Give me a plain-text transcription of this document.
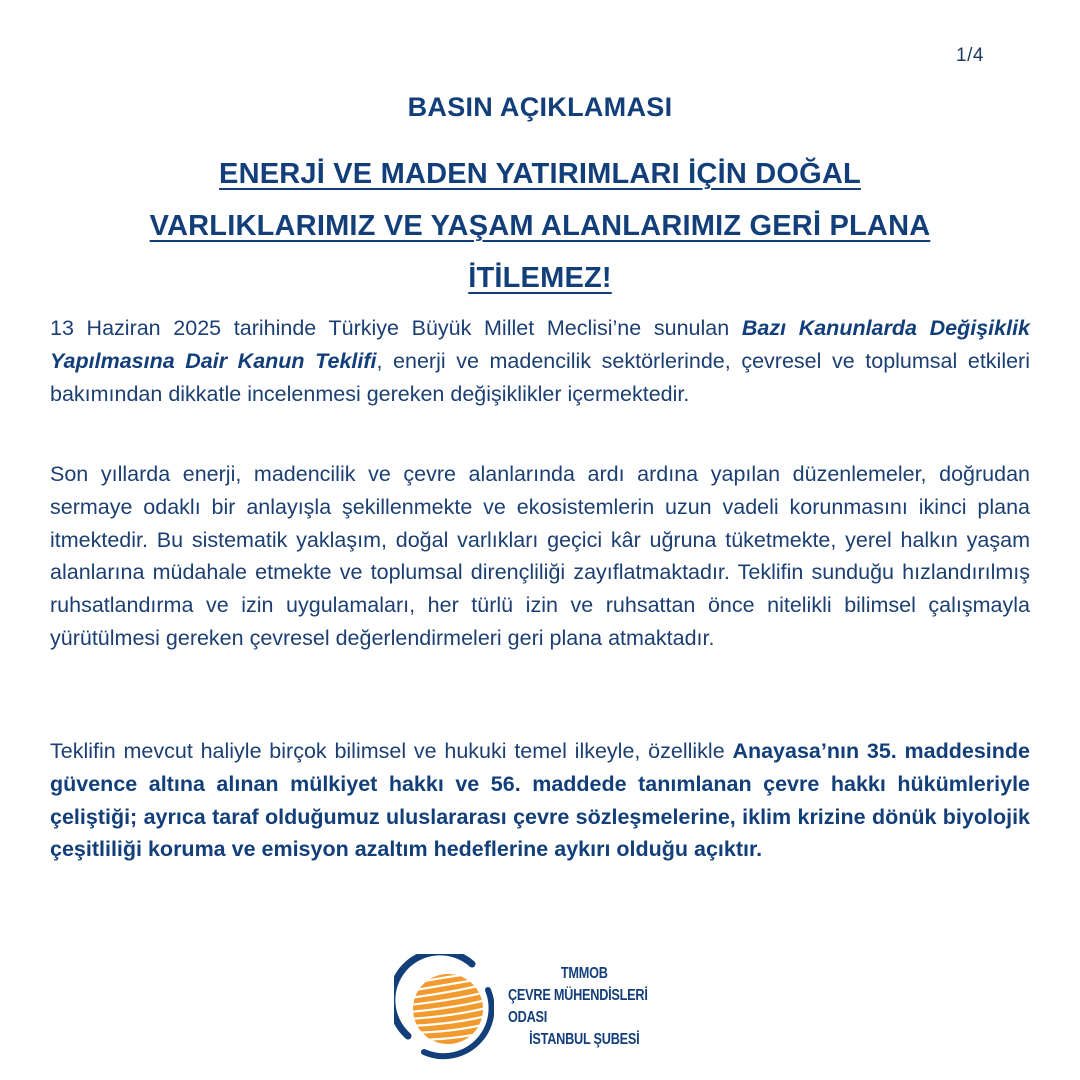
1/4
BASIN AÇIKLAMASI
ENERJİ VE MADEN YATIRIMLARI İÇİN DOĞAL VARLIKLARIMIZ VE YAŞAM ALANLARIMIZ GERİ PLANA İTİLEMEZ!

13 Haziran 2025 tarihinde Türkiye Büyük Millet Meclisi’ne sunulan Bazı Kanunlarda Değişiklik Yapılmasına Dair Kanun Teklifi, enerji ve madencilik sektörlerinde, çevresel ve toplumsal etkileri bakımından dikkatle incelenmesi gereken değişiklikler içermektedir.

Son yıllarda enerji, madencilik ve çevre alanlarında ardı ardına yapılan düzenlemeler, doğrudan sermaye odaklı bir anlayışla şekillenmekte ve ekosistemlerin uzun vadeli korunmasını ikinci plana itmektedir. Bu sistematik yaklaşım, doğal varlıkları geçici kâr uğruna tüketmekte, yerel halkın yaşam alanlarına müdahale etmekte ve toplumsal dirençliliği zayıflatmaktadır. Teklifin sunduğu hızlandırılmış ruhsatlandırma ve izin uygulamaları, her türlü izin ve ruhsattan önce nitelikli bilimsel çalışmayla yürütülmesi gereken çevresel değerlendirmeleri geri plana atmaktadır.

Teklifin mevcut haliyle birçok bilimsel ve hukuki temel ilkeyle, özellikle Anayasa’nın 35. maddesinde güvence altına alınan mülkiyet hakkı ve 56. maddede tanımlanan çevre hakkı hükümleriyle çeliştiği; ayrıca taraf olduğumuz uluslararası çevre sözleşmelerine, iklim krizine dönük biyolojik çeşitliliği koruma ve emisyon azaltım hedeflerine aykırı olduğu açıktır.

TMMOB
ÇEVRE MÜHENDİSLERİ ODASI
İSTANBUL ŞUBESİ
